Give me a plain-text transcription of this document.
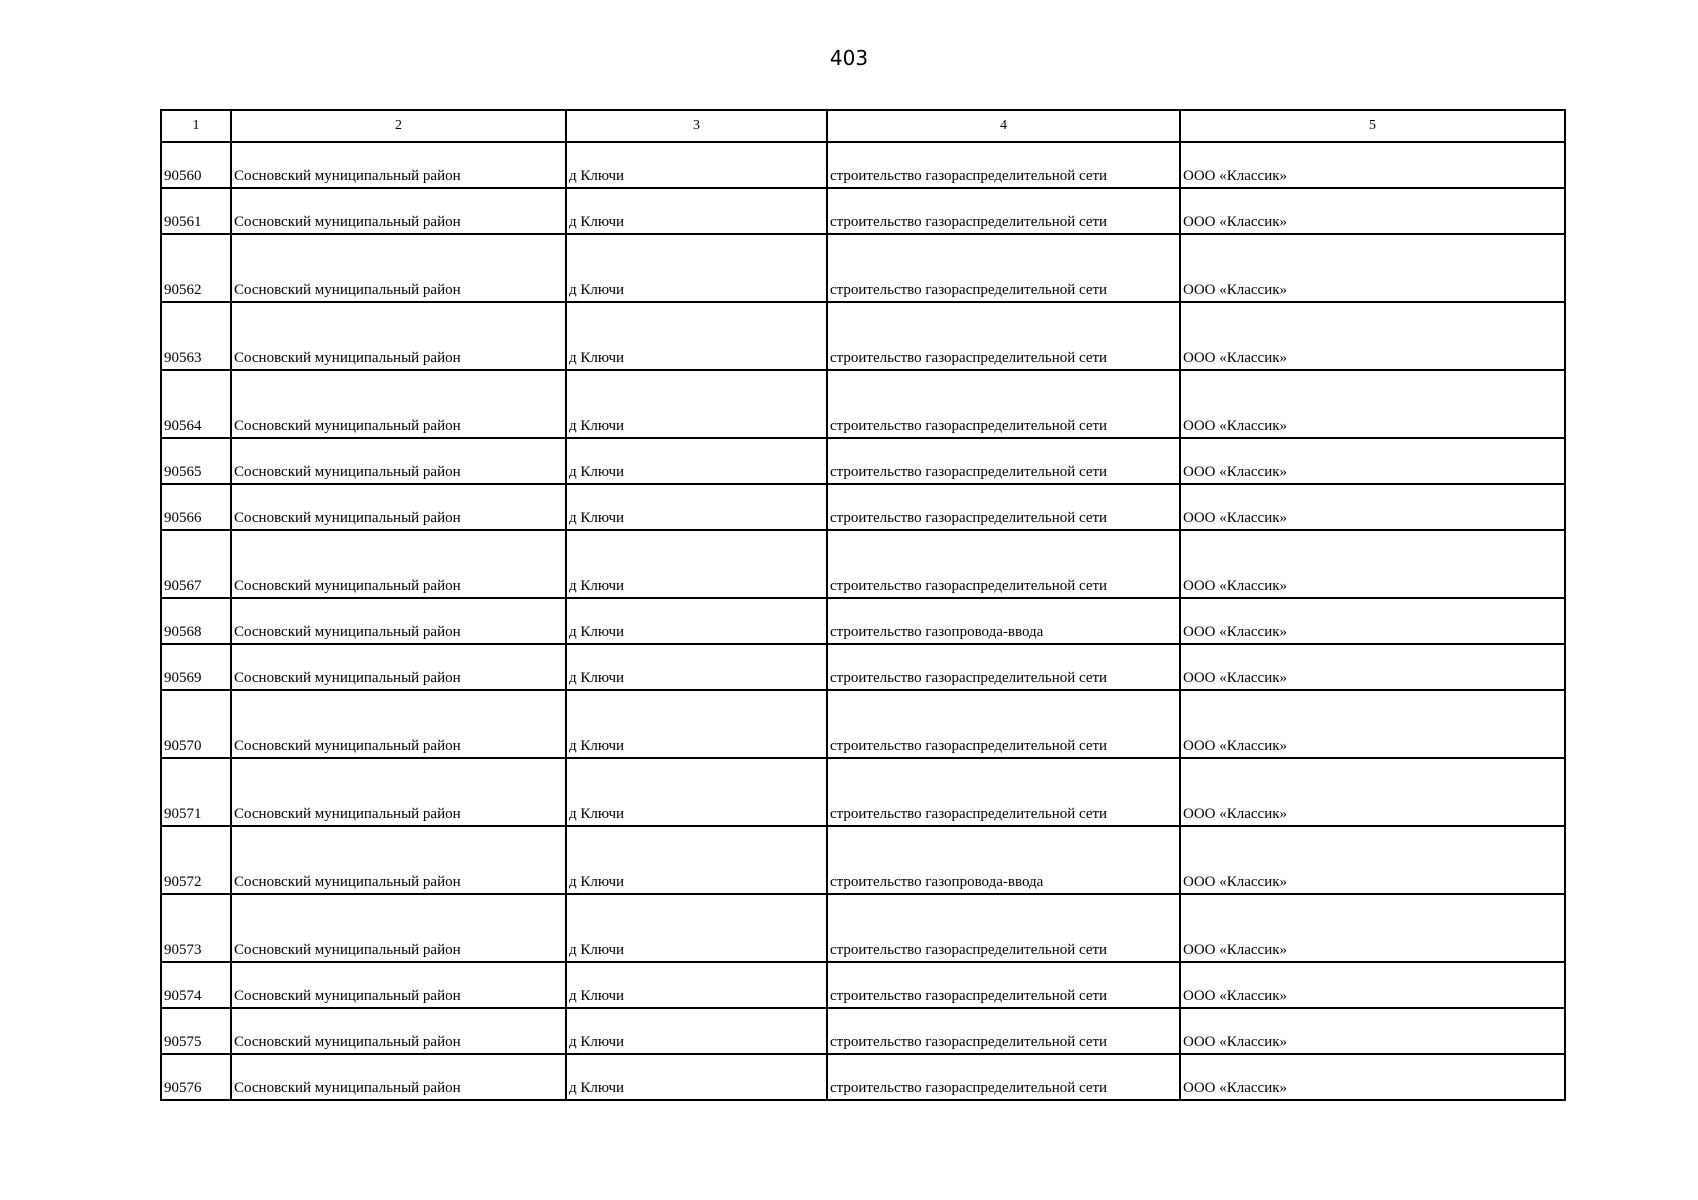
403
1	2	3	4	5
90560	Сосновский муниципальный район	д Ключи	строительство газораспределительной сети	ООО «Классик»
90561	Сосновский муниципальный район	д Ключи	строительство газораспределительной сети	ООО «Классик»
90562	Сосновский муниципальный район	д Ключи	строительство газораспределительной сети	ООО «Классик»
90563	Сосновский муниципальный район	д Ключи	строительство газораспределительной сети	ООО «Классик»
90564	Сосновский муниципальный район	д Ключи	строительство газораспределительной сети	ООО «Классик»
90565	Сосновский муниципальный район	д Ключи	строительство газораспределительной сети	ООО «Классик»
90566	Сосновский муниципальный район	д Ключи	строительство газораспределительной сети	ООО «Классик»
90567	Сосновский муниципальный район	д Ключи	строительство газораспределительной сети	ООО «Классик»
90568	Сосновский муниципальный район	д Ключи	строительство газопровода-ввода	ООО «Классик»
90569	Сосновский муниципальный район	д Ключи	строительство газораспределительной сети	ООО «Классик»
90570	Сосновский муниципальный район	д Ключи	строительство газораспределительной сети	ООО «Классик»
90571	Сосновский муниципальный район	д Ключи	строительство газораспределительной сети	ООО «Классик»
90572	Сосновский муниципальный район	д Ключи	строительство газопровода-ввода	ООО «Классик»
90573	Сосновский муниципальный район	д Ключи	строительство газораспределительной сети	ООО «Классик»
90574	Сосновский муниципальный район	д Ключи	строительство газораспределительной сети	ООО «Классик»
90575	Сосновский муниципальный район	д Ключи	строительство газораспределительной сети	ООО «Классик»
90576	Сосновский муниципальный район	д Ключи	строительство газораспределительной сети	ООО «Классик»
